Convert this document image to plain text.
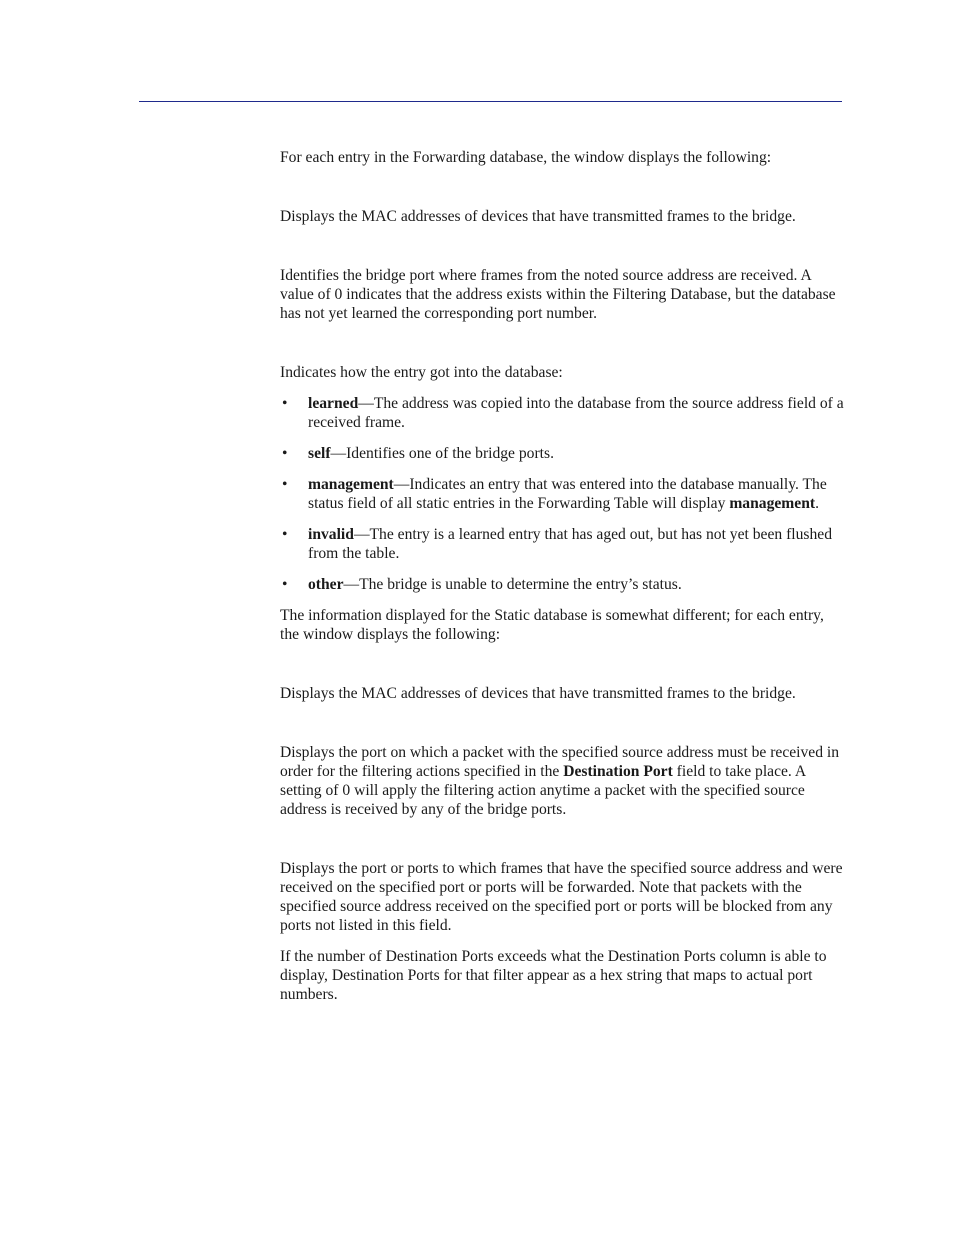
For each entry in the Forwarding database, the window displays the following:

Displays the MAC addresses of devices that have transmitted frames to the bridge.

Identifies the bridge port where frames from the noted source address are received. A value of 0 indicates that the address exists within the Filtering Database, but the database has not yet learned the corresponding port number.

Indicates how the entry got into the database:

• learned—The address was copied into the database from the source address field of a received frame.
• self—Identifies one of the bridge ports.
• management—Indicates an entry that was entered into the database manually. The status field of all static entries in the Forwarding Table will display management.
• invalid—The entry is a learned entry that has aged out, but has not yet been flushed from the table.
• other—The bridge is unable to determine the entry’s status.

The information displayed for the Static database is somewhat different; for each entry, the window displays the following:

Displays the MAC addresses of devices that have transmitted frames to the bridge.

Displays the port on which a packet with the specified source address must be received in order for the filtering actions specified in the Destination Port field to take place. A setting of 0 will apply the filtering action anytime a packet with the specified source address is received by any of the bridge ports.

Displays the port or ports to which frames that have the specified source address and were received on the specified port or ports will be forwarded. Note that packets with the specified source address received on the specified port or ports will be blocked from any ports not listed in this field.

If the number of Destination Ports exceeds what the Destination Ports column is able to display, Destination Ports for that filter appear as a hex string that maps to actual port numbers.
